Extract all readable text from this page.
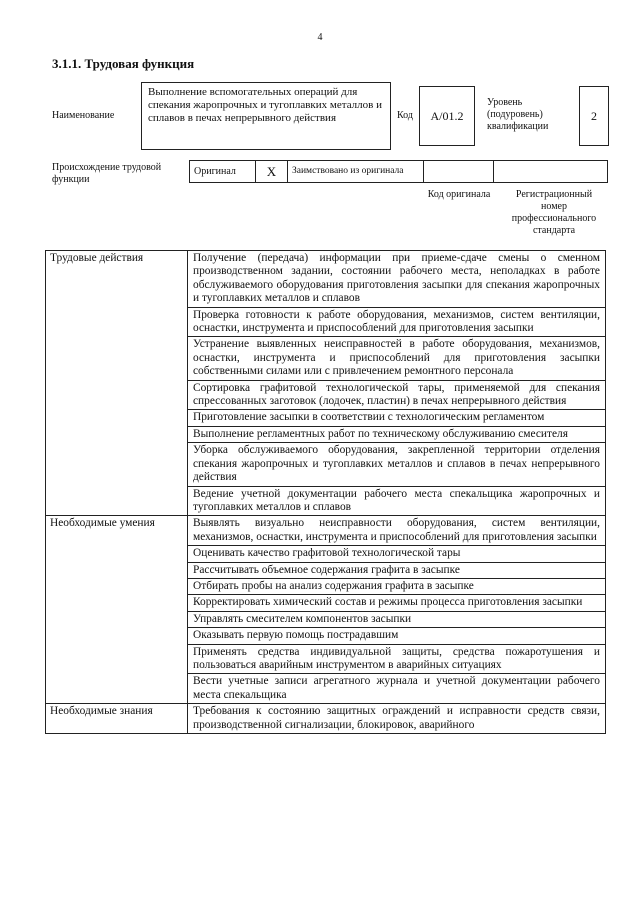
4
3.1.1. Трудовая функция
Наименование
Выполнение вспомогательных операций для спекания жаропрочных и тугоплавких металлов и сплавов в печах непрерывного действия	Код	A/01.2
Уровень (подуровень) квалификации
2
Происхождение трудовой функции
Оригинал	X	Заимствовано из оригинала		
Код оригинала	Регистрационный номер профессионального стандарта
Трудовые действия	Получение (передача) информации при приеме-сдаче смены о сменном производственном задании, состоянии рабочего места, неполадках в работе обслуживаемого оборудования приготовления засыпки для спекания жаропрочных и тугоплавких металлов и сплавов
	Проверка готовности к работе оборудования, механизмов, систем вентиляции, оснастки, инструмента и приспособлений для приготовления засыпки
	Устранение выявленных неисправностей в работе оборудования, механизмов, оснастки, инструмента и приспособлений для приготовления засыпки собственными силами или с привлечением ремонтного персонала
	Сортировка графитовой технологической тары, применяемой для спекания спрессованных заготовок (лодочек, пластин) в печах непрерывного действия
	Приготовление засыпки в соответствии с технологическим регламентом
	Выполнение регламентных работ по техническому обслуживанию смесителя
	Уборка обслуживаемого оборудования, закрепленной территории отделения спекания жаропрочных и тугоплавких металлов и сплавов в печах непрерывного действия
	Ведение учетной документации рабочего места спекальщика жаропрочных и тугоплавких металлов и сплавов
Необходимые умения	Выявлять визуально неисправности оборудования, систем вентиляции, механизмов, оснастки, инструмента и приспособлений для приготовления засыпки
	Оценивать качество графитовой технологической тары
	Рассчитывать объемное содержания графита в засыпке
	Отбирать пробы на анализ содержания графита в засыпке
	Корректировать химический состав и режимы процесса приготовления засыпки
	Управлять смесителем компонентов засыпки
	Оказывать первую помощь пострадавшим
	Применять средства индивидуальной защиты, средства пожаротушения и пользоваться аварийным инструментом в аварийных ситуациях
	Вести учетные записи агрегатного журнала и учетной документации рабочего места спекальщика
Необходимые знания	Требования к состоянию защитных ограждений и исправности средств связи, производственной сигнализации, блокировок, аварийного
